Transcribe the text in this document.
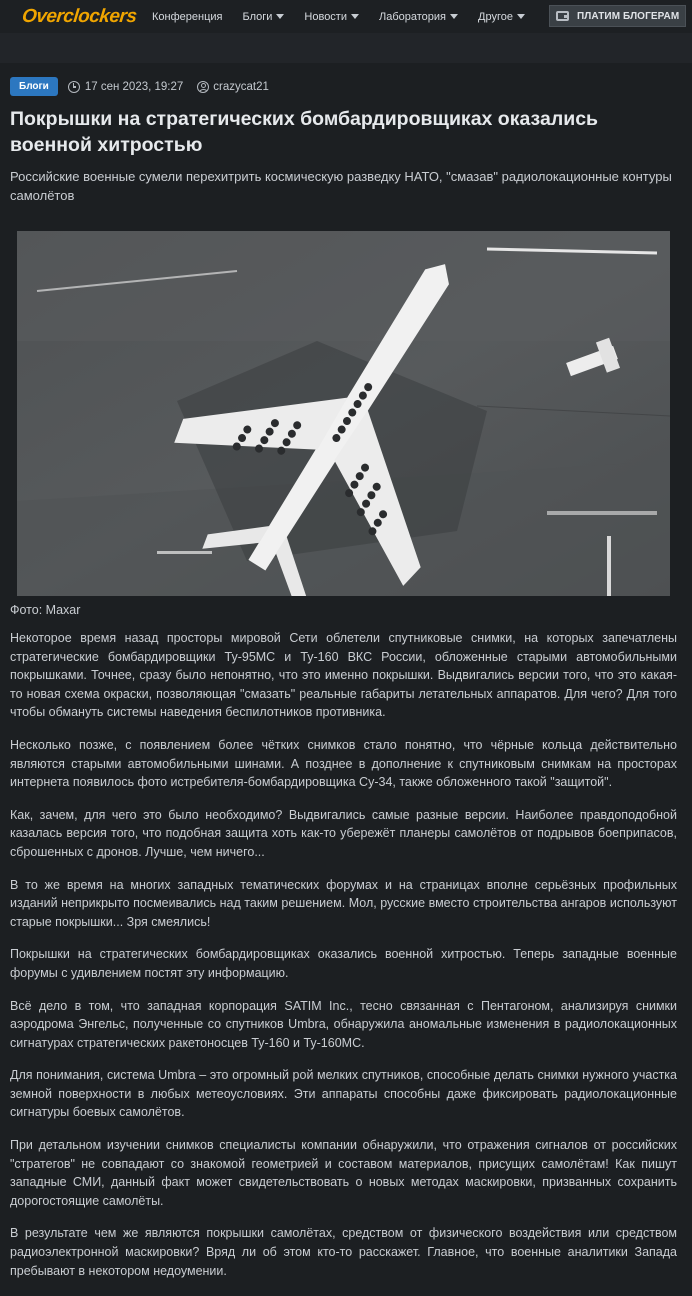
Overclockers Конференция Блоги	Новости	Лаборатория	Другое	ПЛАТИМ БЛОГЕРАМ
Блоги	17 сен 2023, 19:27	crazycat21
Покрышки на стратегических бомбардировщиках оказались военной хитростью
Российские военные сумели перехитрить космическую разведку НАТО, "смазав" радиолокационные контуры самолётов
Фото: Maxar

Некоторое время назад просторы мировой Сети облетели спутниковые снимки, на которых запечатлены стратегические бомбардировщики Ту-95МС и Ту-160 ВКС России, обложенные старыми автомобильными покрышками. Точнее, сразу было непонятно, что это именно покрышки. Выдвигались версии того, что это какая-то новая схема окраски, позволяющая "смазать" реальные габариты летательных аппаратов. Для чего? Для того чтобы обмануть системы наведения беспилотников противника.

Несколько позже, с появлением более чётких снимков стало понятно, что чёрные кольца действительно являются старыми автомобильными шинами. А позднее в дополнение к спутниковым снимкам на просторах интернета появилось фото истребителя-бомбардировщика Су-34, также обложенного такой "защитой".

Как, зачем, для чего это было необходимо? Выдвигались самые разные версии. Наиболее правдоподобной казалась версия того, что подобная защита хоть как-то убережёт планеры самолётов от подрывов боеприпасов, сброшенных с дронов. Лучше, чем ничего...

В то же время на многих западных тематических форумах и на страницах вполне серьёзных профильных изданий неприкрыто посмеивались над таким решением. Мол, русские вместо строительства ангаров используют старые покрышки... Зря смеялись!

Покрышки на стратегических бомбардировщиках оказались военной хитростью. Теперь западные военные форумы с удивлением постят эту информацию.

Всё дело в том, что западная корпорация SATIM Inc., тесно связанная с Пентагоном, анализируя снимки аэродрома Энгельс, полученные со спутников Umbra, обнаружила аномальные изменения в радиолокационных сигнатурах стратегических ракетоносцев Ту-160 и Ту-160МС.

Для понимания, система Umbra – это огромный рой мелких спутников, способные делать снимки нужного участка земной поверхности в любых метеоусловиях. Эти аппараты способны даже фиксировать радиолокационные сигнатуры боевых самолётов.

При детальном изучении снимков специалисты компании обнаружили, что отражения сигналов от российских "стратегов" не совпадают со знакомой геометрией и составом материалов, присущих самолётам! Как пишут западные СМИ, данный факт может свидетельствовать о новых методах маскировки, призванных сохранить дорогостоящие самолёты.

В результате чем же являются покрышки самолётах, средством от физического воздействия или средством радиоэлектронной маскировки? Вряд ли об этом кто-то расскажет. Главное, что военные аналитики Запада пребывают в некотором недоумении.
